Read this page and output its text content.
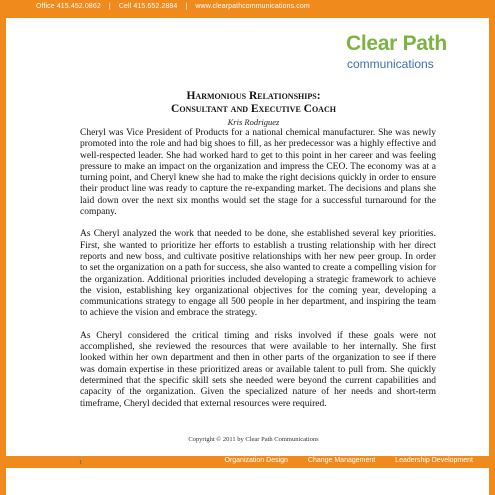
Office 415.452.0862 | Cell 415.652.2884 | www.clearpathcommunications.com
Clear Path
communications
Harmonious Relationships:
Consultant and Executive Coach
Kris Rodriguez

Cheryl was Vice President of Products for a national chemical manufacturer. She was newly promoted into the role and had big shoes to fill, as her predecessor was a highly effective and well-respected leader. She had worked hard to get to this point in her career and was feeling pressure to make an impact on the organization and impress the CEO. The economy was at a turning point, and Cheryl knew she had to make the right decisions quickly in order to ensure their product line was ready to capture the re-expanding market. The decisions and plans she laid down over the next six months would set the stage for a successful turnaround for the company.

As Cheryl analyzed the work that needed to be done, she established several key priorities. First, she wanted to prioritize her efforts to establish a trusting relationship with her direct reports and new boss, and cultivate positive relationships with her new peer group. In order to set the organization on a path for success, she also wanted to create a compelling vision for the organization. Additional priorities included developing a strategic framework to achieve the vision, establishing key organizational objectives for the coming year, developing a communications strategy to engage all 500 people in her department, and inspiring the team to achieve the vision and embrace the strategy.

As Cheryl considered the critical timing and risks involved if these goals were not accomplished, she reviewed the resources that were available to her internally. She first looked within her own department and then in other parts of the organization to see if there was domain expertise in these prioritized areas or available talent to pull from. She quickly determined that the specific skill sets she needed were beyond the current capabilities and capacity of the organization. Given the specialized nature of her needs and short-term timeframe, Cheryl decided that external resources were required.

Copyright © 2011 by Clear Path Communications
Organization Design	Change Management	Leadership Development
1
